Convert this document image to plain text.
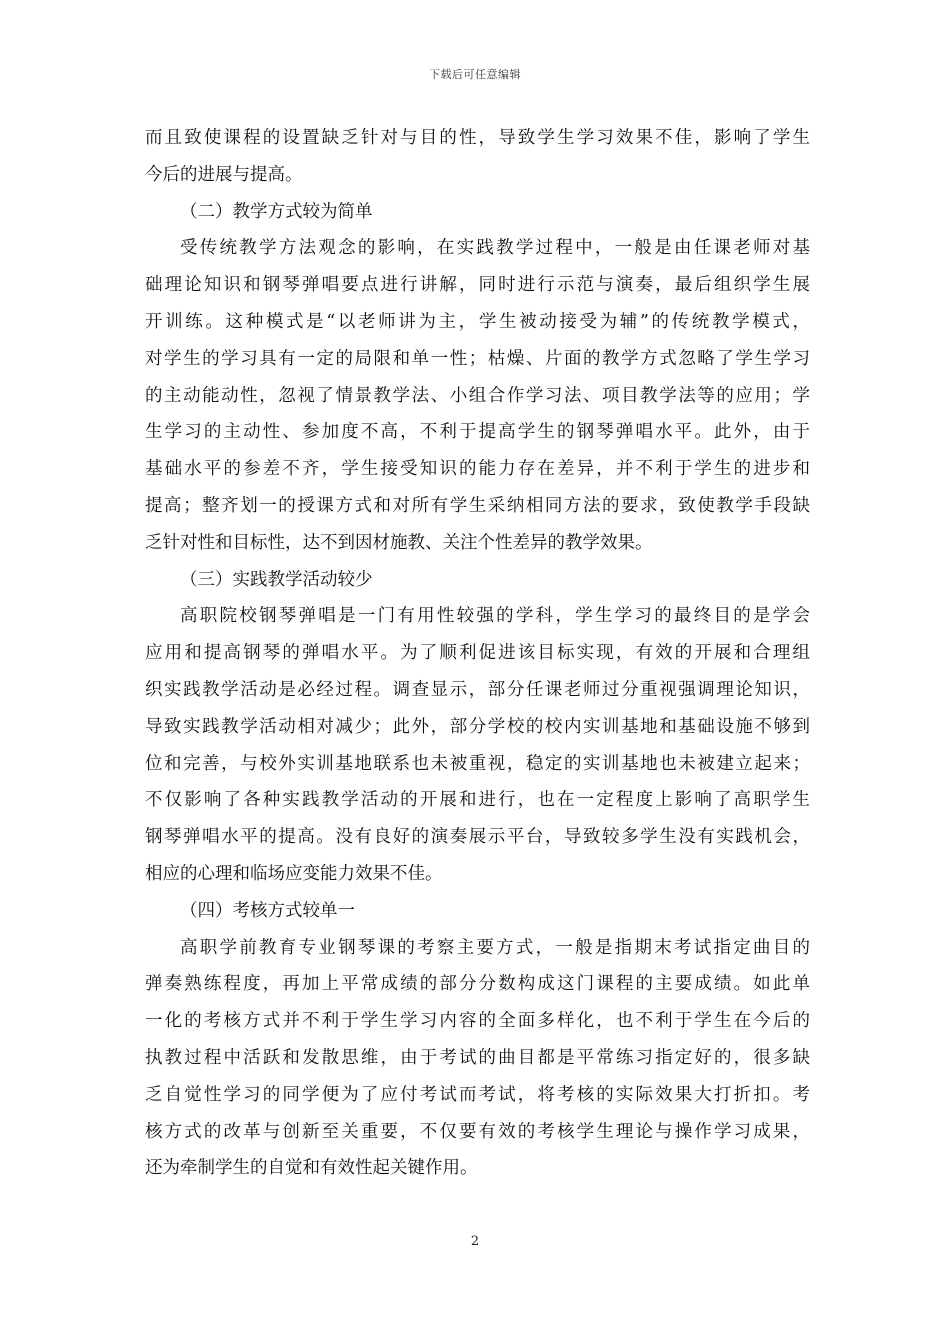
下载后可任意编辑
而且致使课程的设置缺乏针对与目的性，导致学生学习效果不佳，影响了学生
今后的进展与提高。
（二）教学方式较为简单
受传统教学方法观念的影响，在实践教学过程中，一般是由任课老师对基
础理论知识和钢琴弹唱要点进行讲解，同时进行示范与演奏，最后组织学生展
开训练。这种模式是“以老师讲为主，学生被动接受为辅”的传统教学模式，
对学生的学习具有一定的局限和单一性；枯燥、片面的教学方式忽略了学生学习
的主动能动性，忽视了情景教学法、小组合作学习法、项目教学法等的应用；学
生学习的主动性、参加度不高，不利于提高学生的钢琴弹唱水平。此外，由于
基础水平的参差不齐，学生接受知识的能力存在差异，并不利于学生的进步和
提高；整齐划一的授课方式和对所有学生采纳相同方法的要求，致使教学手段缺
乏针对性和目标性，达不到因材施教、关注个性差异的教学效果。
（三）实践教学活动较少
高职院校钢琴弹唱是一门有用性较强的学科，学生学习的最终目的是学会
应用和提高钢琴的弹唱水平。为了顺利促进该目标实现，有效的开展和合理组
织实践教学活动是必经过程。调查显示，部分任课老师过分重视强调理论知识，
导致实践教学活动相对减少；此外，部分学校的校内实训基地和基础设施不够到
位和完善，与校外实训基地联系也未被重视，稳定的实训基地也未被建立起来；
不仅影响了各种实践教学活动的开展和进行，也在一定程度上影响了高职学生
钢琴弹唱水平的提高。没有良好的演奏展示平台，导致较多学生没有实践机会，
相应的心理和临场应变能力效果不佳。
（四）考核方式较单一
高职学前教育专业钢琴课的考察主要方式，一般是指期末考试指定曲目的
弹奏熟练程度，再加上平常成绩的部分分数构成这门课程的主要成绩。如此单
一化的考核方式并不利于学生学习内容的全面多样化，也不利于学生在今后的
执教过程中活跃和发散思维，由于考试的曲目都是平常练习指定好的，很多缺
乏自觉性学习的同学便为了应付考试而考试，将考核的实际效果大打折扣。考
核方式的改革与创新至关重要，不仅要有效的考核学生理论与操作学习成果，
还为牵制学生的自觉和有效性起关键作用。
2
